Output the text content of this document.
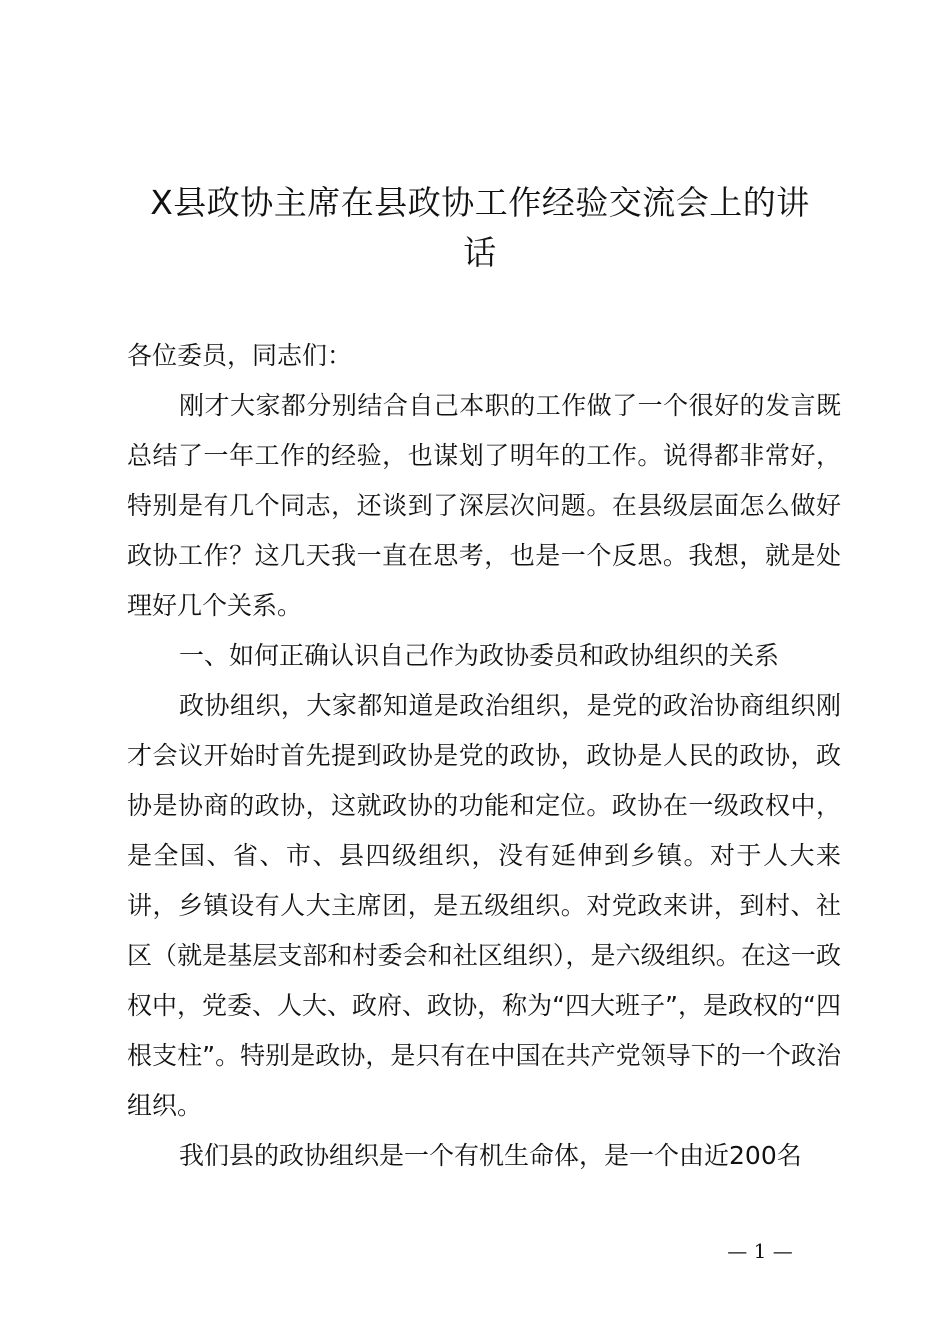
X县政协主席在县政协工作经验交流会上的讲
话

各位委员，同志们：

刚才大家都分别结合自己本职的工作做了一个很好的发言既总结了一年工作的经验，也谋划了明年的工作。说得都非常好，特别是有几个同志，还谈到了深层次问题。在县级层面怎么做好政协工作？这几天我一直在思考，也是一个反思。我想，就是处理好几个关系。

一、如何正确认识自己作为政协委员和政协组织的关系

政协组织，大家都知道是政治组织，是党的政治协商组织刚才会议开始时首先提到政协是党的政协，政协是人民的政协，政协是协商的政协，这就政协的功能和定位。政协在一级政权中，是全国、省、市、县四级组织，没有延伸到乡镇。对于人大来讲，乡镇设有人大主席团，是五级组织。对党政来讲，到村、社区（就是基层支部和村委会和社区组织），是六级组织。在这一政权中，党委、人大、政府、政协，称为“四大班子”，是政权的“四根支柱”。特别是政协，是只有在中国在共产党领导下的一个政治组织。

我们县的政协组织是一个有机生命体，是一个由近200名

— 1 —
